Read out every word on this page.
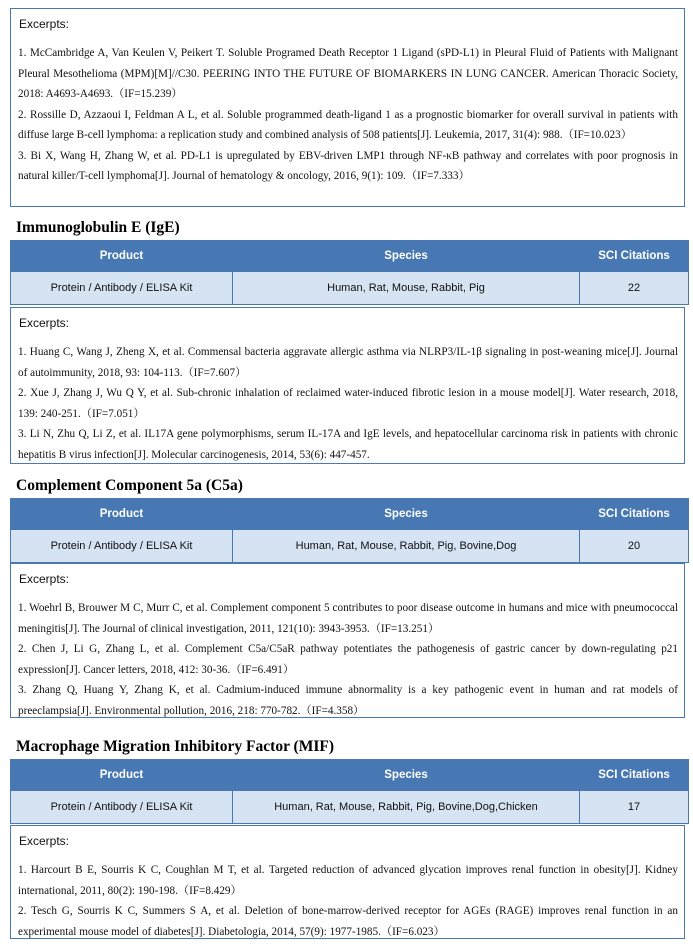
Excerpts:
1. McCambridge A, Van Keulen V, Peikert T. Soluble Programed Death Receptor 1 Ligand (sPD-L1) in Pleural Fluid of Patients with Malignant Pleural Mesothelioma (MPM)[M]//C30. PEERING INTO THE FUTURE OF BIOMARKERS IN LUNG CANCER. American Thoracic Society, 2018: A4693-A4693.（IF=15.239）
2. Rossille D, Azzaoui I, Feldman A L, et al. Soluble programmed death-ligand 1 as a prognostic biomarker for overall survival in patients with diffuse large B-cell lymphoma: a replication study and combined analysis of 508 patients[J]. Leukemia, 2017, 31(4): 988.（IF=10.023）
3. Bi X, Wang H, Zhang W, et al. PD-L1 is upregulated by EBV-driven LMP1 through NF-κB pathway and correlates with poor prognosis in natural killer/T-cell lymphoma[J]. Journal of hematology & oncology, 2016, 9(1): 109.（IF=7.333）
Immunoglobulin E (IgE)
Product	Species	SCI Citations
Protein / Antibody / ELISA Kit	Human, Rat, Mouse, Rabbit, Pig	22
Excerpts:
1. Huang C, Wang J, Zheng X, et al. Commensal bacteria aggravate allergic asthma via NLRP3/IL-1β signaling in post-weaning mice[J]. Journal of autoimmunity, 2018, 93: 104-113.（IF=7.607）
2. Xue J, Zhang J, Wu Q Y, et al. Sub-chronic inhalation of reclaimed water-induced fibrotic lesion in a mouse model[J]. Water research, 2018, 139: 240-251.（IF=7.051）
3. Li N, Zhu Q, Li Z, et al. IL17A gene polymorphisms, serum IL-17A and IgE levels, and hepatocellular carcinoma risk in patients with chronic hepatitis B virus infection[J]. Molecular carcinogenesis, 2014, 53(6): 447-457.
Complement Component 5a (C5a)
Product	Species	SCI Citations
Protein / Antibody / ELISA Kit	Human, Rat, Mouse, Rabbit, Pig, Bovine,Dog	20
Excerpts:
1. Woehrl B, Brouwer M C, Murr C, et al. Complement component 5 contributes to poor disease outcome in humans and mice with pneumococcal meningitis[J]. The Journal of clinical investigation, 2011, 121(10): 3943-3953.（IF=13.251）
2. Chen J, Li G, Zhang L, et al. Complement C5a/C5aR pathway potentiates the pathogenesis of gastric cancer by down-regulating p21 expression[J]. Cancer letters, 2018, 412: 30-36.（IF=6.491）
3. Zhang Q, Huang Y, Zhang K, et al. Cadmium-induced immune abnormality is a key pathogenic event in human and rat models of preeclampsia[J]. Environmental pollution, 2016, 218: 770-782.（IF=4.358）
Macrophage Migration Inhibitory Factor (MIF)
Product	Species	SCI Citations
Protein / Antibody / ELISA Kit	Human, Rat, Mouse, Rabbit, Pig, Bovine,Dog,Chicken	17
Excerpts:
1. Harcourt B E, Sourris K C, Coughlan M T, et al. Targeted reduction of advanced glycation improves renal function in obesity[J]. Kidney international, 2011, 80(2): 190-198.（IF=8.429）
2. Tesch G, Sourris K C, Summers S A, et al. Deletion of bone-marrow-derived receptor for AGEs (RAGE) improves renal function in an experimental mouse model of diabetes[J]. Diabetologia, 2014, 57(9): 1977-1985.（IF=6.023）
